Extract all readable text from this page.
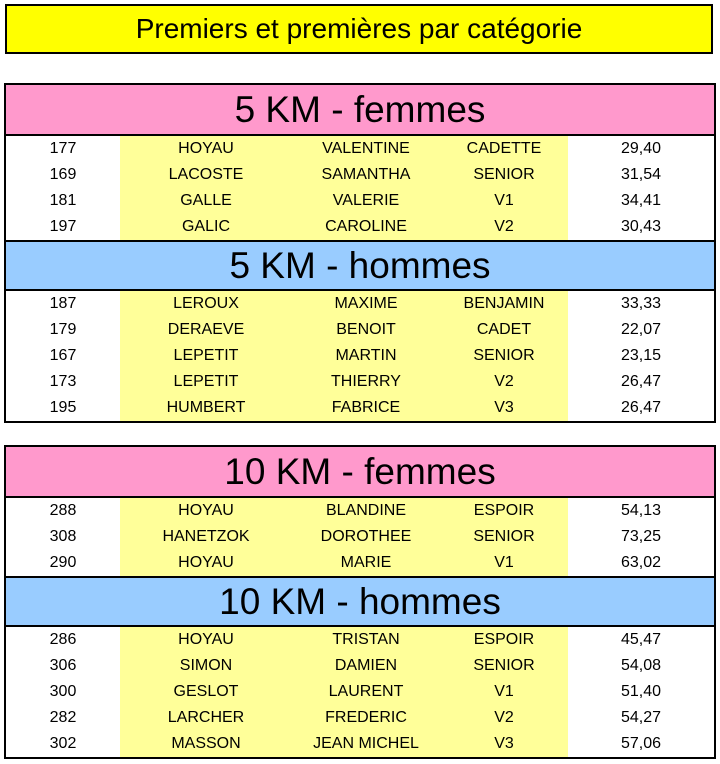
Premiers et premières par catégorie
5 KM - femmes
177	HOYAU	VALENTINE	CADETTE	29,40
169	LACOSTE	SAMANTHA	SENIOR	31,54
181	GALLE	VALERIE	V1	34,41
197	GALIC	CAROLINE	V2	30,43
5 KM - hommes
187	LEROUX	MAXIME	BENJAMIN	33,33
179	DERAEVE	BENOIT	CADET	22,07
167	LEPETIT	MARTIN	SENIOR	23,15
173	LEPETIT	THIERRY	V2	26,47
195	HUMBERT	FABRICE	V3	26,47
10 KM - femmes
288	HOYAU	BLANDINE	ESPOIR	54,13
308	HANETZOK	DOROTHEE	SENIOR	73,25
290	HOYAU	MARIE	V1	63,02
10 KM - hommes
286	HOYAU	TRISTAN	ESPOIR	45,47
306	SIMON	DAMIEN	SENIOR	54,08
300	GESLOT	LAURENT	V1	51,40
282	LARCHER	FREDERIC	V2	54,27
302	MASSON	JEAN MICHEL	V3	57,06
